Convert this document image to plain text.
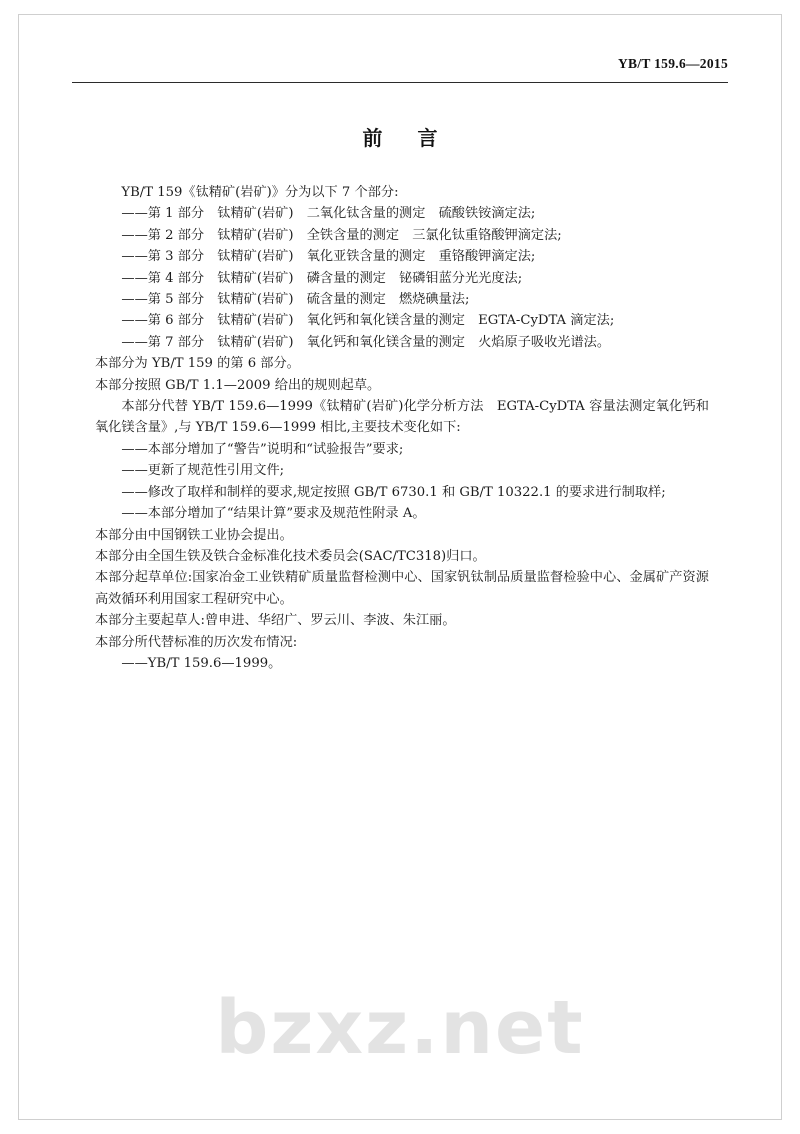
YB/T 159.6—2015
前 言

YB/T 159《钛精矿(岩矿)》分为以下 7 个部分:

——第 1 部分　钛精矿(岩矿)　二氧化钛含量的测定　硫酸铁铵滴定法;

——第 2 部分　钛精矿(岩矿)　全铁含量的测定　三氯化钛重铬酸钾滴定法;

——第 3 部分　钛精矿(岩矿)　氧化亚铁含量的测定　重铬酸钾滴定法;

——第 4 部分　钛精矿(岩矿)　磷含量的测定　铋磷钼蓝分光光度法;

——第 5 部分　钛精矿(岩矿)　硫含量的测定　燃烧碘量法;

——第 6 部分　钛精矿(岩矿)　氧化钙和氧化镁含量的测定　EGTA-CyDTA 滴定法;

——第 7 部分　钛精矿(岩矿)　氧化钙和氧化镁含量的测定　火焰原子吸收光谱法。

本部分为 YB/T 159 的第 6 部分。

本部分按照 GB/T 1.1—2009 给出的规则起草。

本部分代替 YB/T 159.6—1999《钛精矿(岩矿)化学分析方法　EGTA-CyDTA 容量法测定氧化钙和氧化镁含量》,与 YB/T 159.6—1999 相比,主要技术变化如下:

——本部分增加了“警告”说明和“试验报告”要求;

——更新了规范性引用文件;

——修改了取样和制样的要求,规定按照 GB/T 6730.1 和 GB/T 10322.1 的要求进行制取样;

——本部分增加了“结果计算”要求及规范性附录 A。

本部分由中国钢铁工业协会提出。

本部分由全国生铁及铁合金标准化技术委员会(SAC/TC318)归口。

本部分起草单位:国家冶金工业铁精矿质量监督检测中心、国家钒钛制品质量监督检验中心、金属矿产资源高效循环利用国家工程研究中心。

本部分主要起草人:曾申进、华绍广、罗云川、李波、朱江丽。

本部分所代替标准的历次发布情况:

——YB/T 159.6—1999。

bzxz.net
